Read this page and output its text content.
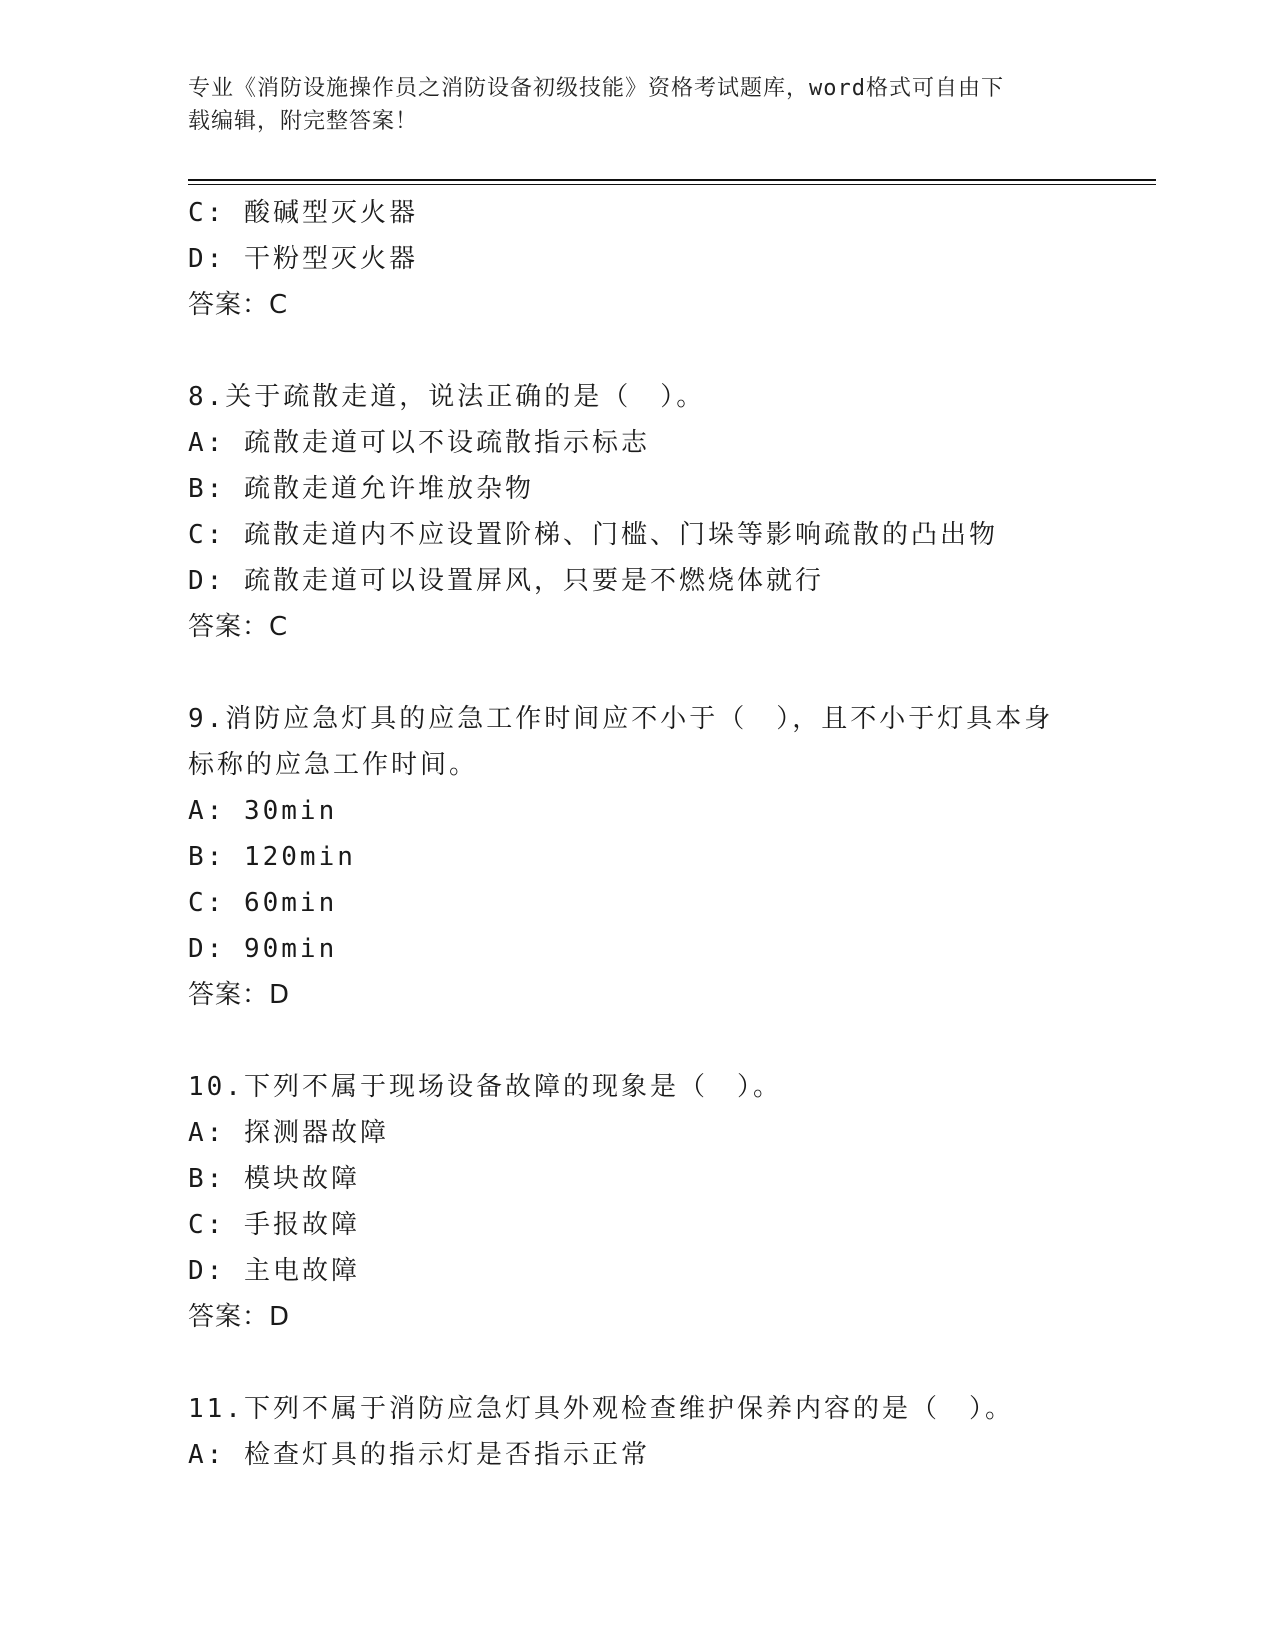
专业《消防设施操作员之消防设备初级技能》资格考试题库，word格式可自由下
载编辑，附完整答案！
C: 酸碱型灭火器
D: 干粉型灭火器
答案：C
8.关于疏散走道，说法正确的是（　）。
A: 疏散走道可以不设疏散指示标志
B: 疏散走道允许堆放杂物
C: 疏散走道内不应设置阶梯、门槛、门垛等影响疏散的凸出物
D: 疏散走道可以设置屏风，只要是不燃烧体就行
答案：C
9.消防应急灯具的应急工作时间应不小于（　），且不小于灯具本身
标称的应急工作时间。
A: 30min
B: 120min
C: 60min
D: 90min
答案：D
10.下列不属于现场设备故障的现象是（　）。
A: 探测器故障
B: 模块故障
C: 手报故障
D: 主电故障
答案：D
11.下列不属于消防应急灯具外观检查维护保养内容的是（　）。
A: 检查灯具的指示灯是否指示正常
